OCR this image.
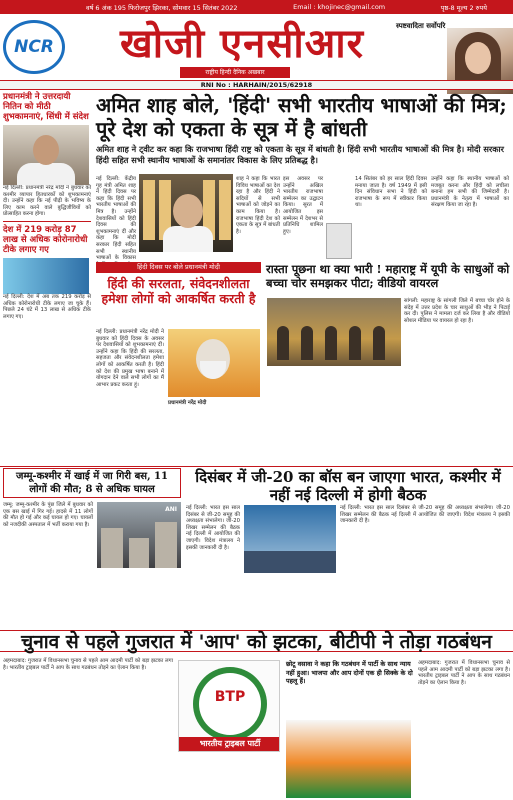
वर्ष 6 अंक 195 फिरोजपुर झिरका, सोमवार 15 सितंबर 2022	Email : khojinec@gmail.com	पृष्ठ-8 मूल्य 2 रुपये
NCR	खोजी एनसीआर
राष्ट्रीय हिन्दी दैनिक अखबार
स्पष्टवादिता सर्वोपरि
RNI No : HARHAIN/2015/62918
प्रधानमंत्री ने उत्तरदायी नितिन को मीठी शुभकामनाएं, सिंधी में संदेश
नई दिल्ली: प्रधानमंत्री नरेंद्र मोदी ने बुधवार को कश्मीर व्यापार हितधारकों को शुभकामनाएं दी। उन्होंने कहा कि नई पीढ़ी के भविष्य के लिए काम करने वाले बुद्धिजीवियों को प्रोत्साहित करना होगा।
देश में 219 करोड़ 87 लाख से अधिक कोरोनारोधी टीके लगाए गए
नई दिल्ली: देश में अब तक 219 करोड़ से अधिक कोरोनारोधी टीके लगाए जा चुके हैं। पिछले 24 घंटे में 13 लाख से अधिक टीके लगाए गए।
अमित शाह बोले, 'हिंदी' सभी भारतीय भाषाओं की मित्र; पूरे देश को एकता के सूत्र में है बांधती
अमित शाह ने ट्वीट कर कहा कि राजभाषा हिंदी राष्ट्र को एकता के सूत्र में बांधती है। हिंदी सभी भारतीय भाषाओं की मित्र है। मोदी सरकार हिंदी सहित सभी स्थानीय भाषाओं के समानांतर विकास के लिए प्रतिबद्ध है।
नई दिल्ली: केंद्रीय गृह मंत्री अमित शाह ने हिंदी दिवस पर कहा कि हिंदी सभी भारतीय भाषाओं की मित्र है। उन्होंने देशवासियों को हिंदी दिवस की शुभकामनाएं दीं और कहा कि मोदी सरकार हिंदी सहित सभी स्थानीय भाषाओं के विकास
शाह ने कहा कि भारत विविध भाषाओं का देश रहा है और हिंदी ने सदियों से सभी भाषाओं को जोड़ने का काम किया है। राजभाषा हिंदी देश को एकता के सूत्र में बांधती है।
इस अवसर पर उन्होंने अखिल भारतीय राजभाषा सम्मेलन का उद्घाटन किया। सूरत में आयोजित इस सम्मेलन में देशभर से प्रतिनिधि शामिल हुए।
14 सितंबर को हर साल हिंदी दिवस मनाया जाता है। वर्ष 1949 में इसी दिन संविधान सभा ने हिंदी को राजभाषा के रूप में स्वीकार किया था।
उन्होंने कहा कि स्थानीय भाषाओं को मजबूत करना और हिंदी को लचीला बनाना हम सभी की जिम्मेदारी है। प्रधानमंत्री के नेतृत्व में भाषाओं का संरक्षण किया जा रहा है।
हिंदी दिवस पर बोले प्रधानमंत्री मोदी
हिंदी की सरलता, संवेदनशीलता हमेशा लोगों को आकर्षित करती है
नई दिल्ली: प्रधानमंत्री नरेंद्र मोदी ने बुधवार को हिंदी दिवस के अवसर पर देशवासियों को शुभकामनाएं दीं। उन्होंने कहा कि हिंदी की सरलता, सहजता और संवेदनशीलता हमेशा लोगों को आकर्षित करती है। हिंदी को देश की प्रमुख भाषा बनाने में योगदान देने वाले सभी लोगों का मैं आभार प्रकट करता हूं।
प्रधानमंत्री नरेंद्र मोदी
रास्ता पूछना था क्या भारी ! महाराष्ट्र में यूपी के साधुओं को बच्चा चोर समझकर पीटा; वीडियो वायरल
सांगली: महाराष्ट्र के सांगली जिले में बच्चा चोर होने के संदेह में उत्तर प्रदेश के चार साधुओं की भीड़ ने पिटाई कर दी। पुलिस ने मामला दर्ज कर लिया है और वीडियो सोशल मीडिया पर वायरल हो रहा है।
जम्मू-कश्मीर में खाई में जा गिरी बस, 11 लोगों की मौत; 8 से अधिक घायल
जम्मू: जम्मू-कश्मीर के पुंछ जिले में बुधवार को एक बस खाई में गिर गई। हादसे में 11 लोगों की मौत हो गई और कई घायल हो गए। घायलों को नजदीकी अस्पताल में भर्ती कराया गया है।
ANI
दिसंबर में जी-20 का बॉस बन जाएगा भारत, कश्मीर में नहीं नई दिल्ली में होगी बैठक
नई दिल्ली: भारत इस साल दिसंबर से जी-20 समूह की अध्यक्षता संभालेगा। जी-20 शिखर सम्मेलन की बैठक नई दिल्ली में आयोजित की जाएगी। विदेश मंत्रालय ने इसकी जानकारी दी है।
नई दिल्ली: भारत इस साल दिसंबर से जी-20 समूह की अध्यक्षता संभालेगा। जी-20 शिखर सम्मेलन की बैठक नई दिल्ली में आयोजित की जाएगी। विदेश मंत्रालय ने इसकी जानकारी दी है।
चुनाव से पहले गुजरात में 'आप' को झटका, बीटीपी ने तोड़ा गठबंधन
अहमदाबाद: गुजरात में विधानसभा चुनाव से पहले आम आदमी पार्टी को बड़ा झटका लगा है। भारतीय ट्राइबल पार्टी ने आप के साथ गठबंधन तोड़ने का ऐलान किया है।
BTP
भारतीय ट्राइबल पार्टी
छोटू वसावा ने कहा कि गठबंधन में पार्टी के साथ न्याय नहीं हुआ। भाजपा और आप दोनों एक ही सिक्के के दो पहलू हैं।
अहमदाबाद: गुजरात में विधानसभा चुनाव से पहले आम आदमी पार्टी को बड़ा झटका लगा है। भारतीय ट्राइबल पार्टी ने आप के साथ गठबंधन तोड़ने का ऐलान किया है।
